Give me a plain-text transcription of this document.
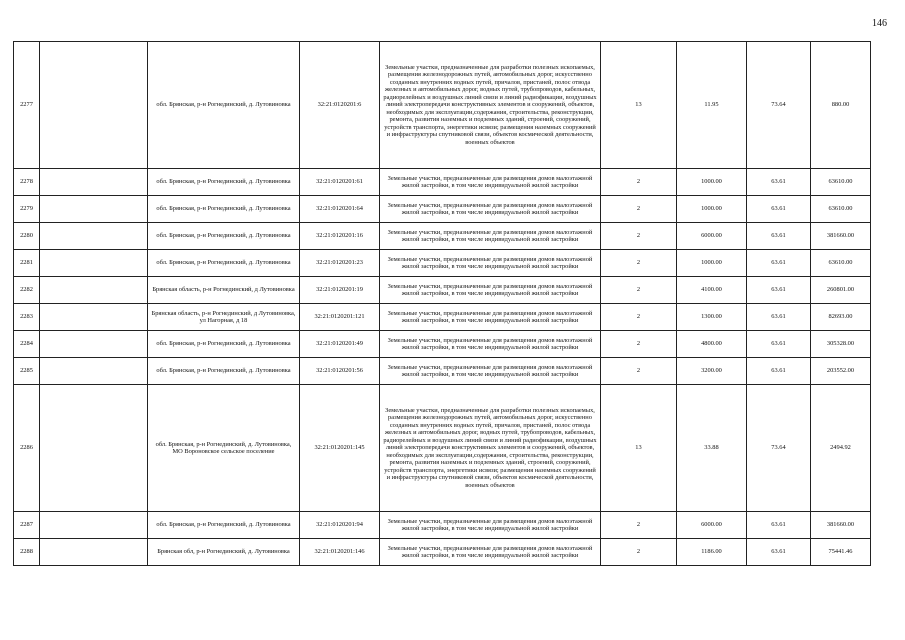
146
2277		обл. Брянская, р-н Рогнединский, д. Лутовиновка	32:21:0120201:6	Земельные участки, предназначенные для разработки полезных ископаемых, размещения железнодорожных путей, автомобильных дорог, искусственно созданных внутренних водных путей, причалов, пристаней, полос отвода железных и автомобильных дорог, водных путей, трубопроводов, кабельных, радиорелейных и воздушных линий связи и линий радиофикации, воздушных линий электропередачи конструктивных элементов и сооружений, объектов, необходимых для эксплуатации,содержания, строительства, реконструкции, ремонта, развития наземных и подземных зданий, строений, сооружений, устройств транспорта, энергетики исвязи; размещения наземных сооружений и инфраструктуры спутниковой связи, объектов космической деятельности, военных объектов	13	11.95	73.64	880.00
2278		обл. Брянская, р-н Рогнединский, д. Лутовиновка	32:21:0120201:61	Земельные участки, предназначенные для размещения домов малоэтажной жилой застройки, в том числе индивидуальной жилой застройки	2	1000.00	63.61	63610.00
2279		обл. Брянская, р-н Рогнединский, д. Лутовиновка	32:21:0120201:64	Земельные участки, предназначенные для размещения домов малоэтажной жилой застройки, в том числе индивидуальной жилой застройки	2	1000.00	63.61	63610.00
2280		обл. Брянская, р-н Рогнединский, д. Лутовиновка	32:21:0120201:16	Земельные участки, предназначенные для размещения домов малоэтажной жилой застройки, в том числе индивидуальной жилой застройки	2	6000.00	63.61	381660.00
2281		обл. Брянская, р-н Рогнединский, д. Лутовиновка	32:21:0120201:23	Земельные участки, предназначенные для размещения домов малоэтажной жилой застройки, в том числе индивидуальной жилой застройки	2	1000.00	63.61	63610.00
2282		Брянская область, р-н Рогнединский, д Лутовиновка	32:21:0120201:19	Земельные участки, предназначенные для размещения домов малоэтажной жилой застройки, в том числе индивидуальной жилой застройки	2	4100.00	63.61	260801.00
2283		Брянская область, р-н Рогнединский, д Лутовиновка, ул Нагорная, д 18	32:21:0120201:121	Земельные участки, предназначенные для размещения домов малоэтажной жилой застройки, в том числе индивидуальной жилой застройки	2	1300.00	63.61	82693.00
2284		обл. Брянская, р-н Рогнединский, д. Лутовиновка	32:21:0120201:49	Земельные участки, предназначенные для размещения домов малоэтажной жилой застройки, в том числе индивидуальной жилой застройки	2	4800.00	63.61	305328.00
2285		обл. Брянская, р-н Рогнединский, д. Лутовиновка	32:21:0120201:56	Земельные участки, предназначенные для размещения домов малоэтажной жилой застройки, в том числе индивидуальной жилой застройки	2	3200.00	63.61	203552.00
2286		обл. Брянская, р-н Рогнединский, д. Лутовиновка, МО Вороновское сельское поселение	32:21:0120201:145	Земельные участки, предназначенные для разработки полезных ископаемых, размещения железнодорожных путей, автомобильных дорог, искусственно созданных внутренних водных путей, причалов, пристаней, полос отвода железных и автомобильных дорог, водных путей, трубопроводов, кабельных, радиорелейных и воздушных линий связи и линий радиофикации, воздушных линий электропередачи конструктивных элементов и сооружений, объектов, необходимых для эксплуатации,содержания, строительства, реконструкции, ремонта, развития наземных и подземных зданий, строений, сооружений, устройств транспорта, энергетики исвязи; размещения наземных сооружений и инфраструктуры спутниковой связи, объектов космической деятельности, военных объектов	13	33.88	73.64	2494.92
2287		обл. Брянская, р-н Рогнединский, д. Лутовиновка	32:21:0120201:94	Земельные участки, предназначенные для размещения домов малоэтажной жилой застройки, в том числе индивидуальной жилой застройки	2	6000.00	63.61	381660.00
2288		Брянская обл, р-н Рогнединский, д. Лутовиновка	32:21:0120201:146	Земельные участки, предназначенные для размещения домов малоэтажной жилой застройки, в том числе индивидуальной жилой застройки	2	1186.00	63.61	75441.46
